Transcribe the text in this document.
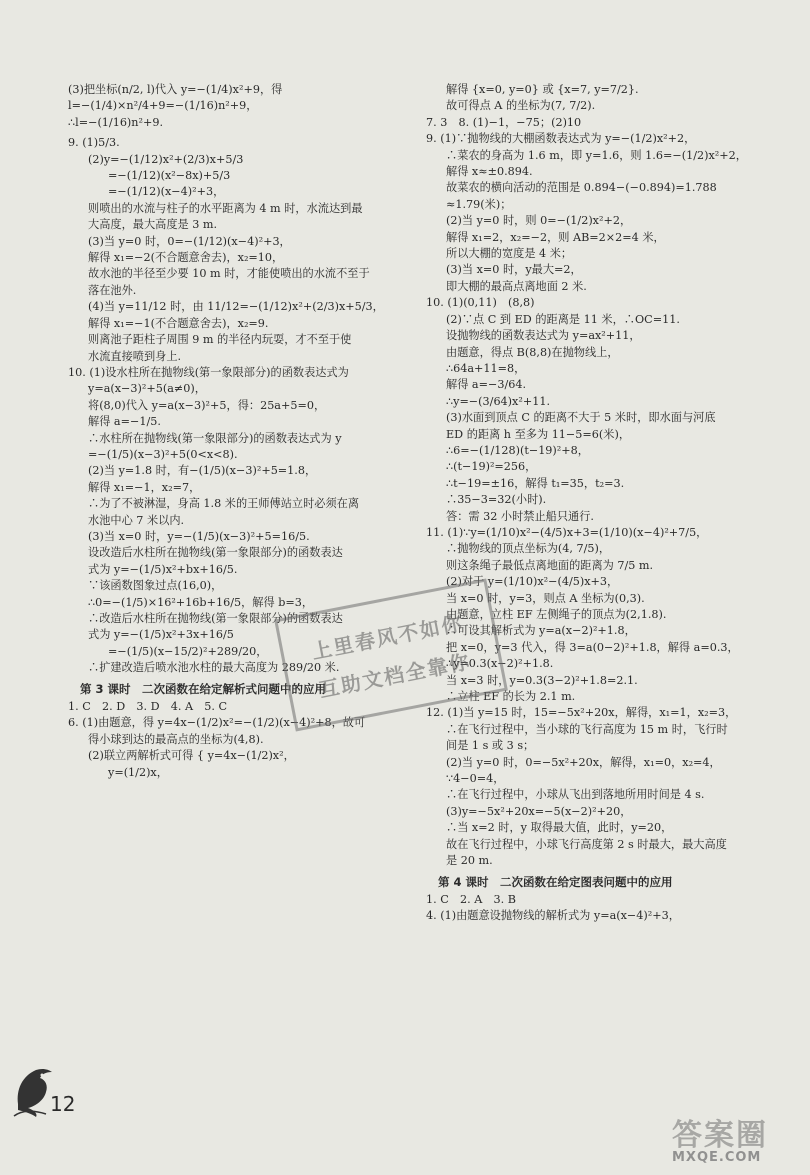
(3)把坐标(n/2, l)代入 y=−(1/4)x²+9，得
l=−(1/4)×n²/4+9=−(1/16)n²+9，
∴l=−(1/16)n²+9.
9. (1)5/3.
(2)y=−(1/12)x²+(2/3)x+5/3
=−(1/12)(x²−8x)+5/3
=−(1/12)(x−4)²+3，
则喷出的水流与柱子的水平距离为 4 m 时，水流达到最
大高度，最大高度是 3 m.
(3)当 y=0 时，0=−(1/12)(x−4)²+3，
解得 x₁=−2(不合题意舍去)，x₂=10，
故水池的半径至少要 10 m 时，才能使喷出的水流不至于
落在池外.
(4)当 y=11/12 时，由 11/12=−(1/12)x²+(2/3)x+5/3，
解得 x₁=−1(不合题意舍去)，x₂=9.
则离池子距柱子周围 9 m 的半径内玩耍，才不至于使
水流直接喷到身上.
10. (1)设水柱所在抛物线(第一象限部分)的函数表达式为
y=a(x−3)²+5(a≠0)，
将(8,0)代入 y=a(x−3)²+5，得：25a+5=0，
解得 a=−1/5.
∴水柱所在抛物线(第一象限部分)的函数表达式为 y
=−(1/5)(x−3)²+5(0<x<8).
(2)当 y=1.8 时，有−(1/5)(x−3)²+5=1.8，
解得 x₁=−1，x₂=7，
∴为了不被淋湿，身高 1.8 米的王师傅站立时必须在离
水池中心 7 米以内.
(3)当 x=0 时，y=−(1/5)(x−3)²+5=16/5.
设改造后水柱所在抛物线(第一象限部分)的函数表达
式为 y=−(1/5)x²+bx+16/5.
∵该函数图象过点(16,0)，
∴0=−(1/5)×16²+16b+16/5，解得 b=3，
∴改造后水柱所在抛物线(第一象限部分)的函数表达
式为 y=−(1/5)x²+3x+16/5
=−(1/5)(x−15/2)²+289/20，
∴扩建改造后喷水池水柱的最大高度为 289/20 米.
第 3 课时　二次函数在给定解析式问题中的应用
1. C　2. D　3. D　4. A　5. C
6. (1)由题意，得 y=4x−(1/2)x²=−(1/2)(x−4)²+8，故可
得小球到达的最高点的坐标为(4,8).
(2)联立两解析式可得 { y=4x−(1/2)x²，
y=(1/2)x，
解得 {x=0, y=0} 或 {x=7, y=7/2}.
故可得点 A 的坐标为(7, 7/2).
7. 3　8. (1)−1，−75；(2)10
9. (1)∵抛物线的大棚函数表达式为 y=−(1/2)x²+2，
∴菜农的身高为 1.6 m，即 y=1.6，则 1.6=−(1/2)x²+2，
解得 x≈±0.894.
故菜农的横向活动的范围是 0.894−(−0.894)=1.788
≈1.79(米)；
(2)当 y=0 时，则 0=−(1/2)x²+2，
解得 x₁=2，x₂=−2，则 AB=2×2=4 米，
所以大棚的宽度是 4 米；
(3)当 x=0 时，y最大=2，
即大棚的最高点离地面 2 米.
10. (1)(0,11)　(8,8)
(2)∵点 C 到 ED 的距离是 11 米，∴OC=11.
设抛物线的函数表达式为 y=ax²+11，
由题意，得点 B(8,8)在抛物线上，
∴64a+11=8，
解得 a=−3/64.
∴y=−(3/64)x²+11.
(3)水面到顶点 C 的距离不大于 5 米时，即水面与河底
ED 的距离 h 至多为 11−5=6(米)，
∴6=−(1/128)(t−19)²+8，
∴(t−19)²=256，
∴t−19=±16，解得 t₁=35，t₂=3.
∴35−3=32(小时).
答：需 32 小时禁止船只通行.
11. (1)∵y=(1/10)x²−(4/5)x+3=(1/10)(x−4)²+7/5，
∴抛物线的顶点坐标为(4, 7/5)，
则这条绳子最低点离地面的距离为 7/5 m.
(2)对于 y=(1/10)x²−(4/5)x+3，
当 x=0 时，y=3，则点 A 坐标为(0,3).
由题意，立柱 EF 左侧绳子的顶点为(2,1.8).
∴可设其解析式为 y=a(x−2)²+1.8，
把 x=0，y=3 代入，得 3=a(0−2)²+1.8，解得 a=0.3，
∴y=0.3(x−2)²+1.8.
当 x=3 时，y=0.3(3−2)²+1.8=2.1.
∴立柱 EF 的长为 2.1 m.
12. (1)当 y=15 时，15=−5x²+20x，解得，x₁=1，x₂=3，
∴在飞行过程中，当小球的飞行高度为 15 m 时，飞行时
间是 1 s 或 3 s；
(2)当 y=0 时，0=−5x²+20x，解得，x₁=0，x₂=4，
∵4−0=4，
∴在飞行过程中，小球从飞出到落地所用时间是 4 s.
(3)y=−5x²+20x=−5(x−2)²+20，
∴当 x=2 时，y 取得最大值，此时，y=20，
故在飞行过程中，小球飞行高度第 2 s 时最大，最大高度
是 20 m.
第 4 课时　二次函数在给定图表问题中的应用
1. C　2. A　3. B
4. (1)由题意设抛物线的解析式为 y=a(x−4)²+3，
上里春风不如你
互助文档全靠你
12
答案圈
MXQE.COM
